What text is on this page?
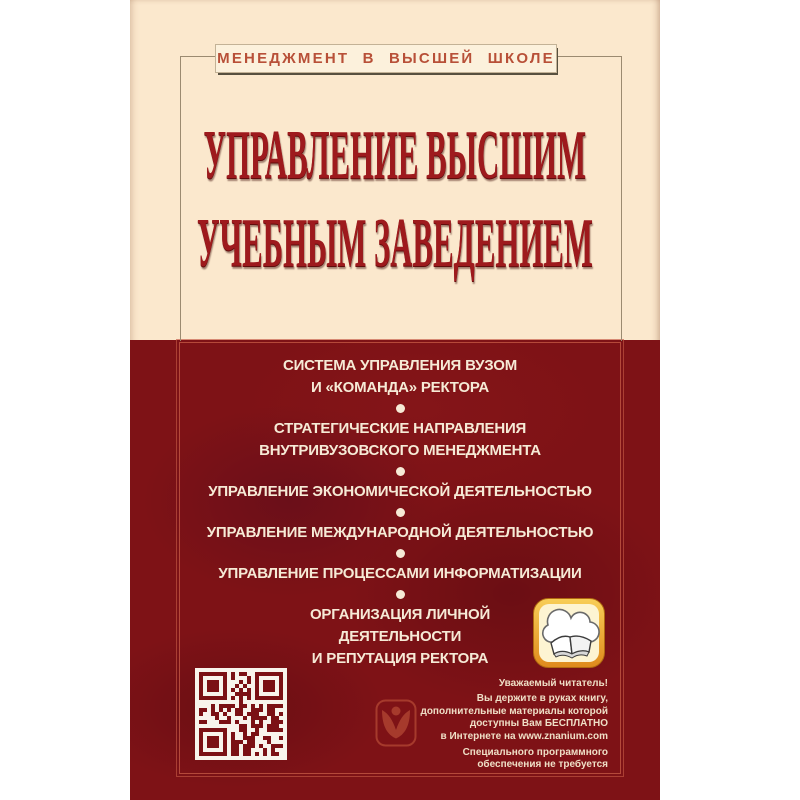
МЕНЕДЖМЕНТ В ВЫСШЕЙ ШКОЛЕ
УПРАВЛЕНИЕ ВЫСШИМ
УЧЕБНЫМ ЗАВЕДЕНИЕМ
СИСТЕМА УПРАВЛЕНИЯ ВУЗОМ
И «КОМАНДА» РЕКТОРА
СТРАТЕГИЧЕСКИЕ НАПРАВЛЕНИЯ
ВНУТРИВУЗОВСКОГО МЕНЕДЖМЕНТА
УПРАВЛЕНИЕ ЭКОНОМИЧЕСКОЙ ДЕЯТЕЛЬНОСТЬЮ
УПРАВЛЕНИЕ МЕЖДУНАРОДНОЙ ДЕЯТЕЛЬНОСТЬЮ
УПРАВЛЕНИЕ ПРОЦЕССАМИ ИНФОРМАТИЗАЦИИ
ОРГАНИЗАЦИЯ ЛИЧНОЙ
ДЕЯТЕЛЬНОСТИ
И РЕПУТАЦИЯ РЕКТОРА
Уважаемый читатель!
Вы держите в руках книгу,
дополнительные материалы которой
доступны Вам БЕСПЛАТНО
в Интернете на www.znanium.com
Специального программного
обеспечения не требуется
